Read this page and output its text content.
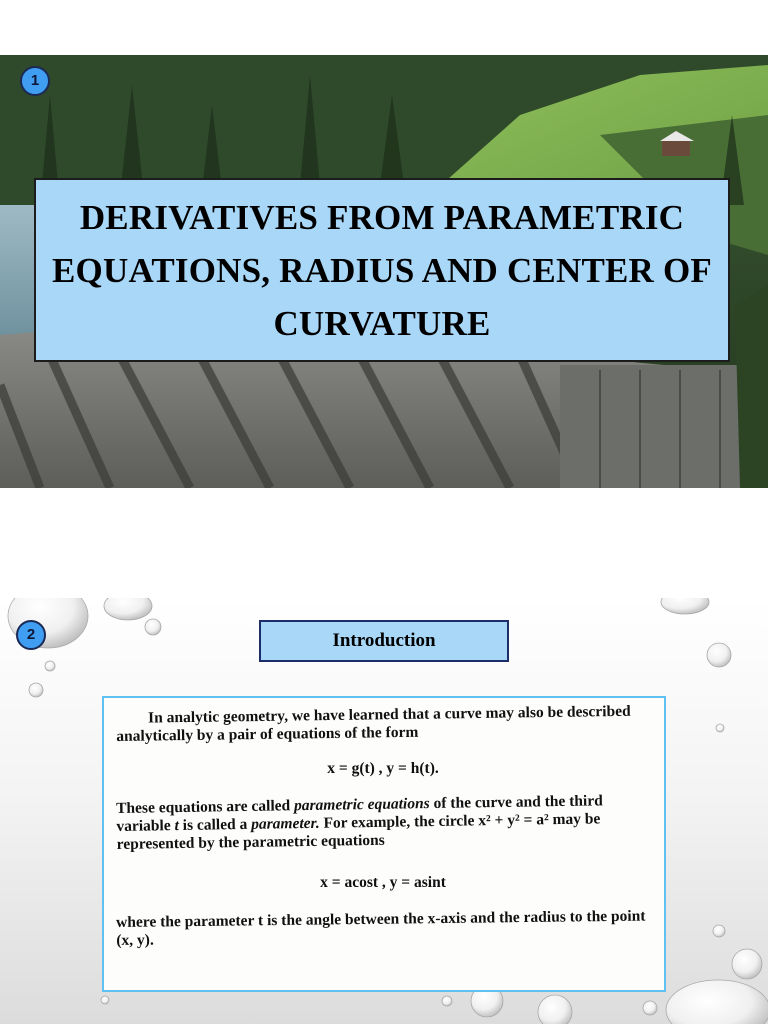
1
DERIVATIVES FROM PARAMETRIC EQUATIONS, RADIUS AND CENTER OF CURVATURE
2	Introduction

In analytic geometry, we have learned that a curve may also be described analytically by a pair of equations of the form

x = g(t) , y = h(t).

These equations are called parametric equations of the curve and the third variable t is called a parameter. For example, the circle x² + y² = a² may be represented by the parametric equations

x = acost , y = asint

where the parameter t is the angle between the x-axis and the radius to the point (x, y).
